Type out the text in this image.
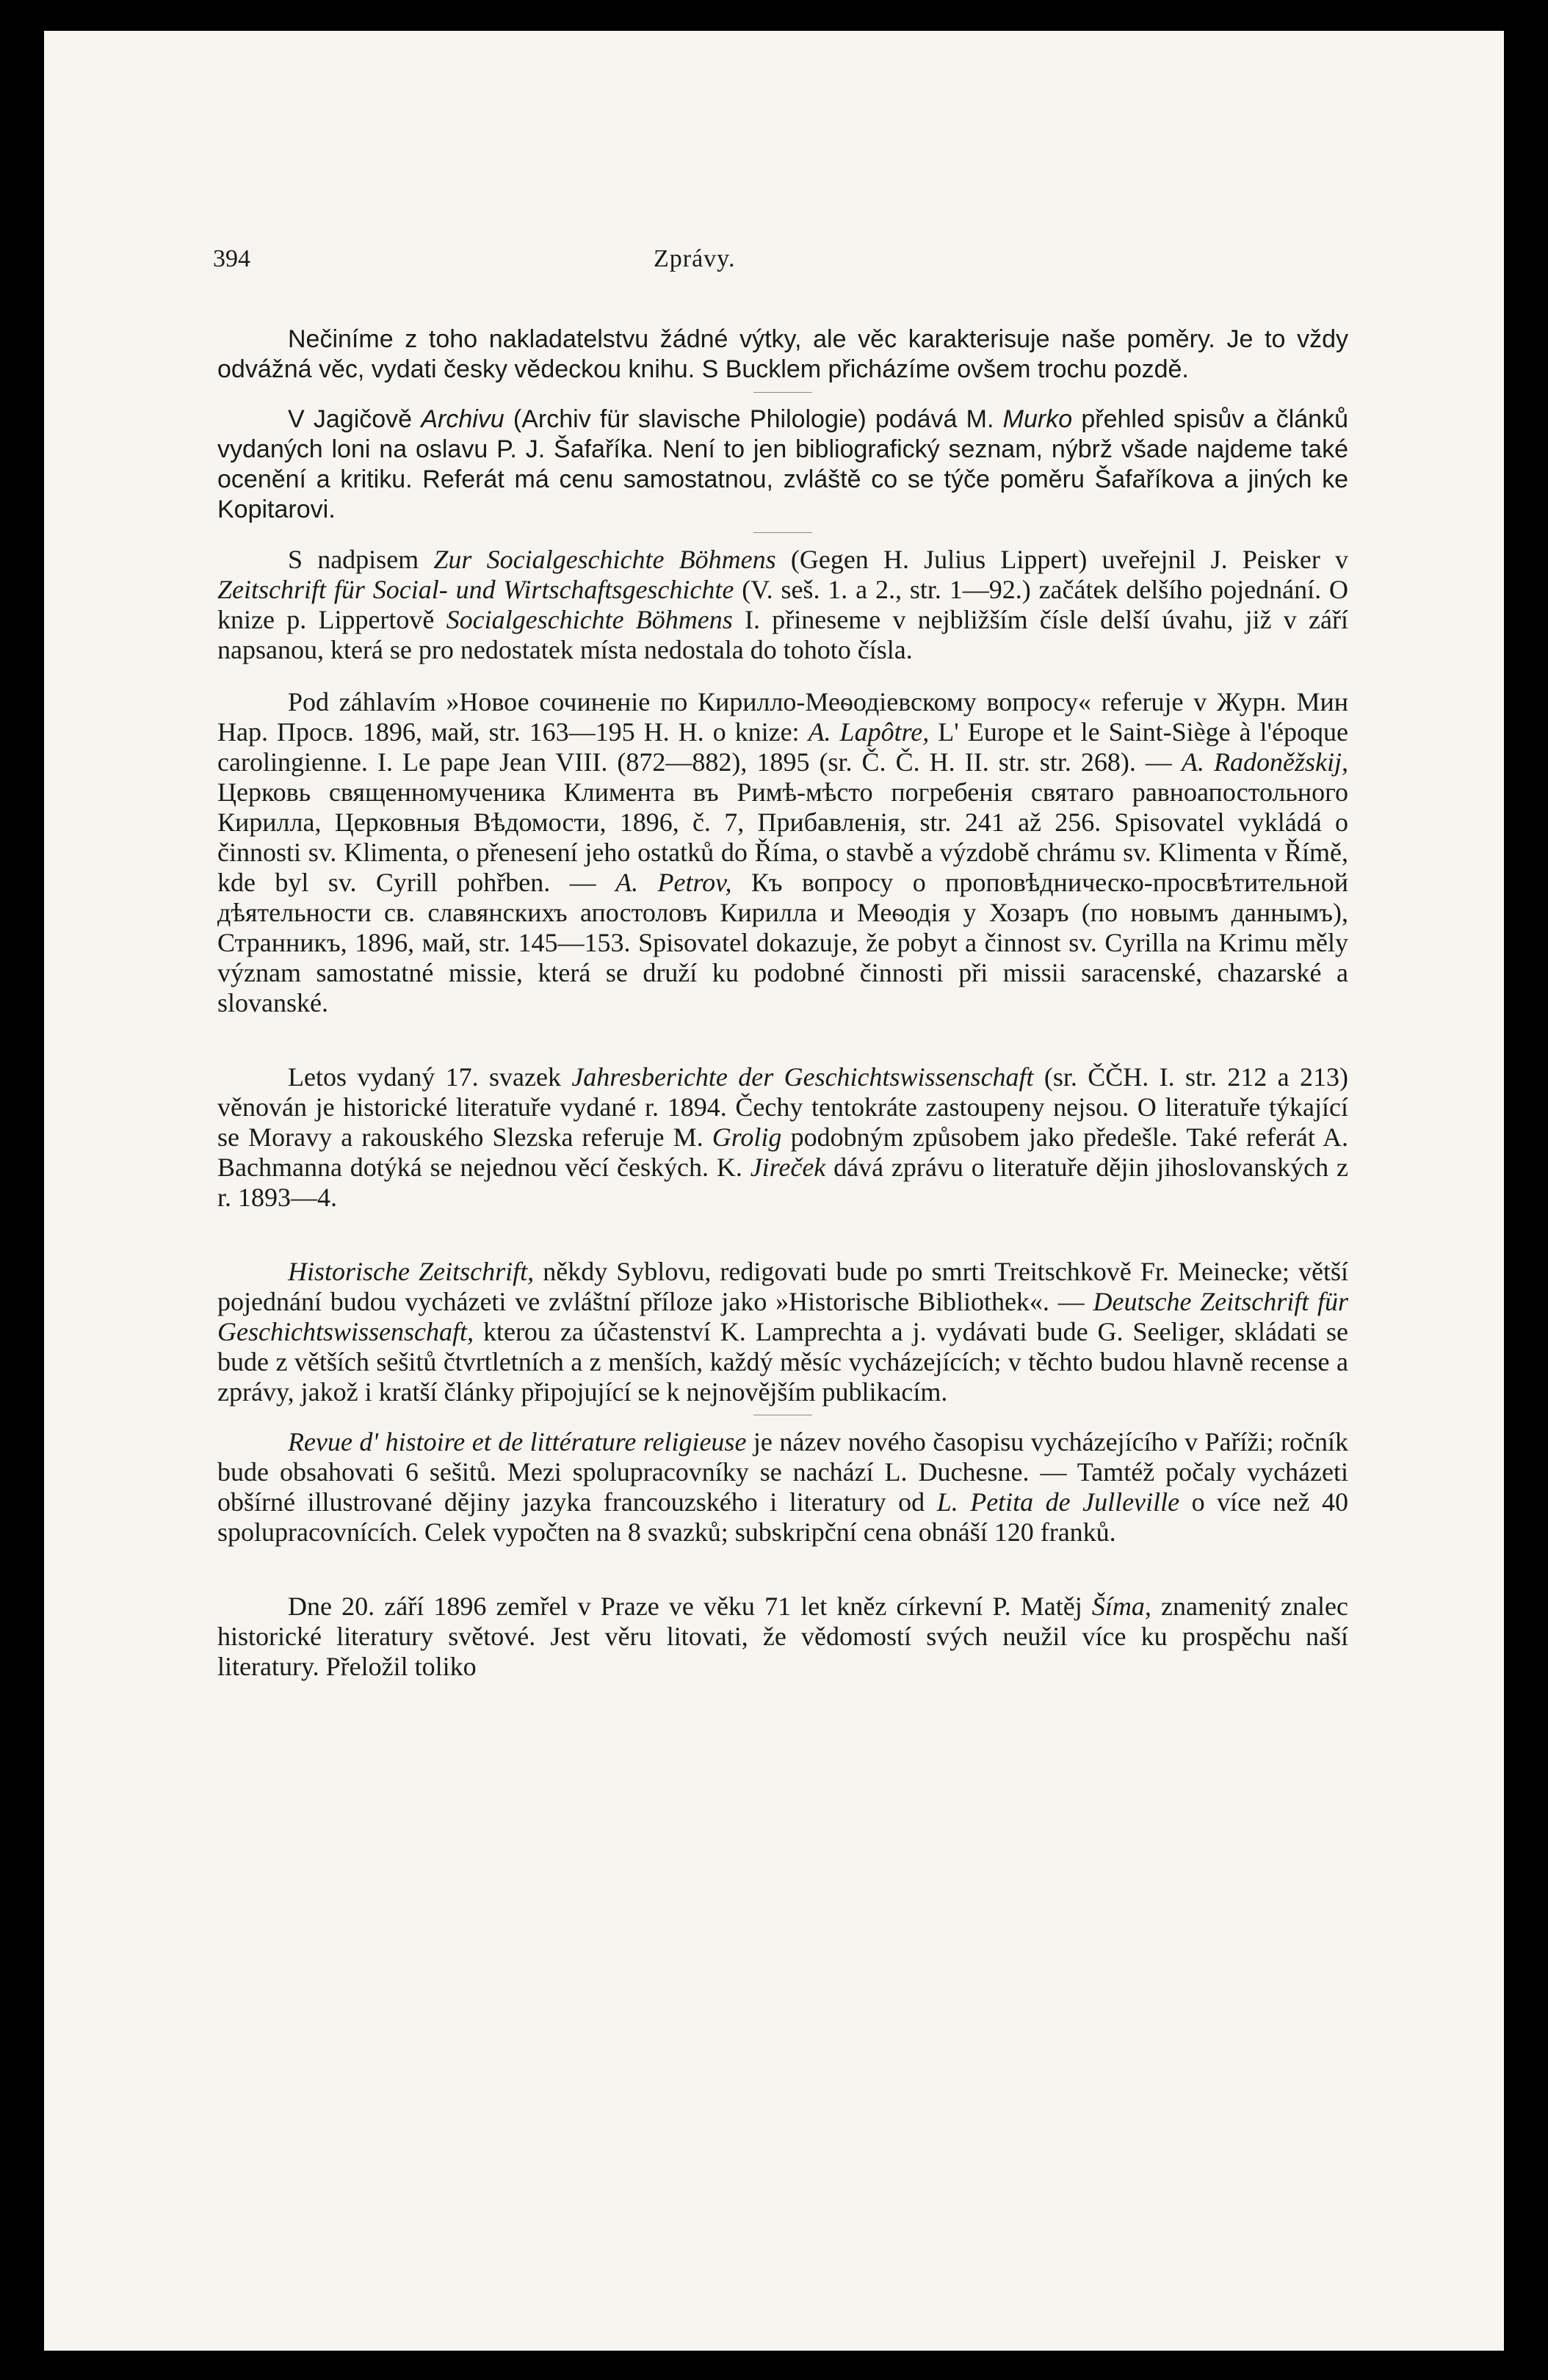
394	Zprávy.

Nečiníme z toho nakladatelstvu žádné výtky, ale věc karakterisuje naše poměry. Je to vždy odvážná věc, vydati česky vědeckou knihu. S Bucklem přicházíme ovšem trochu pozdě.

V Jagičově Archivu (Archiv für slavische Philologie) podává M. Murko přehled spisův a článků vydaných loni na oslavu P. J. Šafaříka. Není to jen bibliografický seznam, nýbrž všade najdeme také ocenění a kritiku. Referát má cenu samostatnou, zvláště co se týče poměru Šafaříkova a jiných ke Kopitarovi.

S nadpisem Zur Socialgeschichte Böhmens (Gegen H. Julius Lippert) uveřejnil J. Peisker v Zeitschrift für Social- und Wirtschaftsgeschichte (V. seš. 1. a 2., str. 1—92.) začátek delšího pojednání. O knize p. Lippertově Socialgeschichte Böhmens I. přineseme v nejbližším čísle delší úvahu, již v září napsanou, která se pro nedostatek místa nedostala do tohoto čísla.

Pod záhlavím »Новое сочиненіе по Кирилло-Меѳодіевскому вопросу« referuje v Журн. Мин Нар. Просв. 1896, май, str. 163—195 H. Н. o knize: A. Lapôtre, L' Europe et le Saint-Siège à l'époque carolingienne. I. Le pape Jean VIII. (872—882), 1895 (sr. Č. Č. H. II. str. str. 268). — A. Radoněžskij, Церковь священномученика Климента въ Римѣ-мѣсто погребенія святаго равноапостольного Кирилла, Церковныя Вѣдомости, 1896, č. 7, Прибавленія, str. 241 až 256. Spisovatel vykládá o činnosti sv. Klimenta, o přenesení jeho ostatků do Říma, o stavbě a výzdobě chrámu sv. Klimenta v Římě, kde byl sv. Cyrill pohřben. — A. Petrov, Къ вопросу о проповѣдническо-просвѣтительной дѣятельности св. славянскихъ апостоловъ Кирилла и Меѳодія у Хозаръ (по новымъ даннымъ), Странникъ, 1896, май, str. 145—153. Spisovatel dokazuje, že pobyt a činnost sv. Cyrilla na Krimu měly význam samostatné missie, která se druží ku podobné činnosti při missii saracenské, chazarské a slovanské.

Letos vydaný 17. svazek Jahresberichte der Geschichtswissenschaft (sr. ČČH. I. str. 212 a 213) věnován je historické literatuře vydané r. 1894. Čechy tentokráte zastoupeny nejsou. O literatuře týkající se Moravy a rakouského Slezska referuje M. Grolig podobným způsobem jako předešle. Také referát A. Bachmanna dotýká se nejednou věcí českých. K. Jireček dává zprávu o literatuře dějin jihoslovanských z r. 1893—4.

Historische Zeitschrift, někdy Syblovu, redigovati bude po smrti Treitschkově Fr. Meinecke; větší pojednání budou vycházeti ve zvláštní příloze jako »Historische Bibliothek«. — Deutsche Zeitschrift für Geschichtswissenschaft, kterou za účastenství K. Lamprechta a j. vydávati bude G. Seeliger, skládati se bude z větších sešitů čtvrtletních a z menších, každý měsíc vycházejících; v těchto budou hlavně recense a zprávy, jakož i kratší články připojující se k nejnovějším publikacím.

Revue d' histoire et de littérature religieuse je název nového časopisu vycházejícího v Paříži; ročník bude obsahovati 6 sešitů. Mezi spolupracovníky se nachází L. Duchesne. — Tamtéž počaly vycházeti obšírné illustrované dějiny jazyka francouzského i literatury od L. Petita de Julleville o více než 40 spolupracovnících. Celek vypočten na 8 svazků; subskripční cena obnáší 120 franků.

Dne 20. září 1896 zemřel v Praze ve věku 71 let kněz církevní P. Matěj Šíma, znamenitý znalec historické literatury světové. Jest věru litovati, že vědomostí svých neužil více ku prospěchu naší literatury. Přeložil toliko
